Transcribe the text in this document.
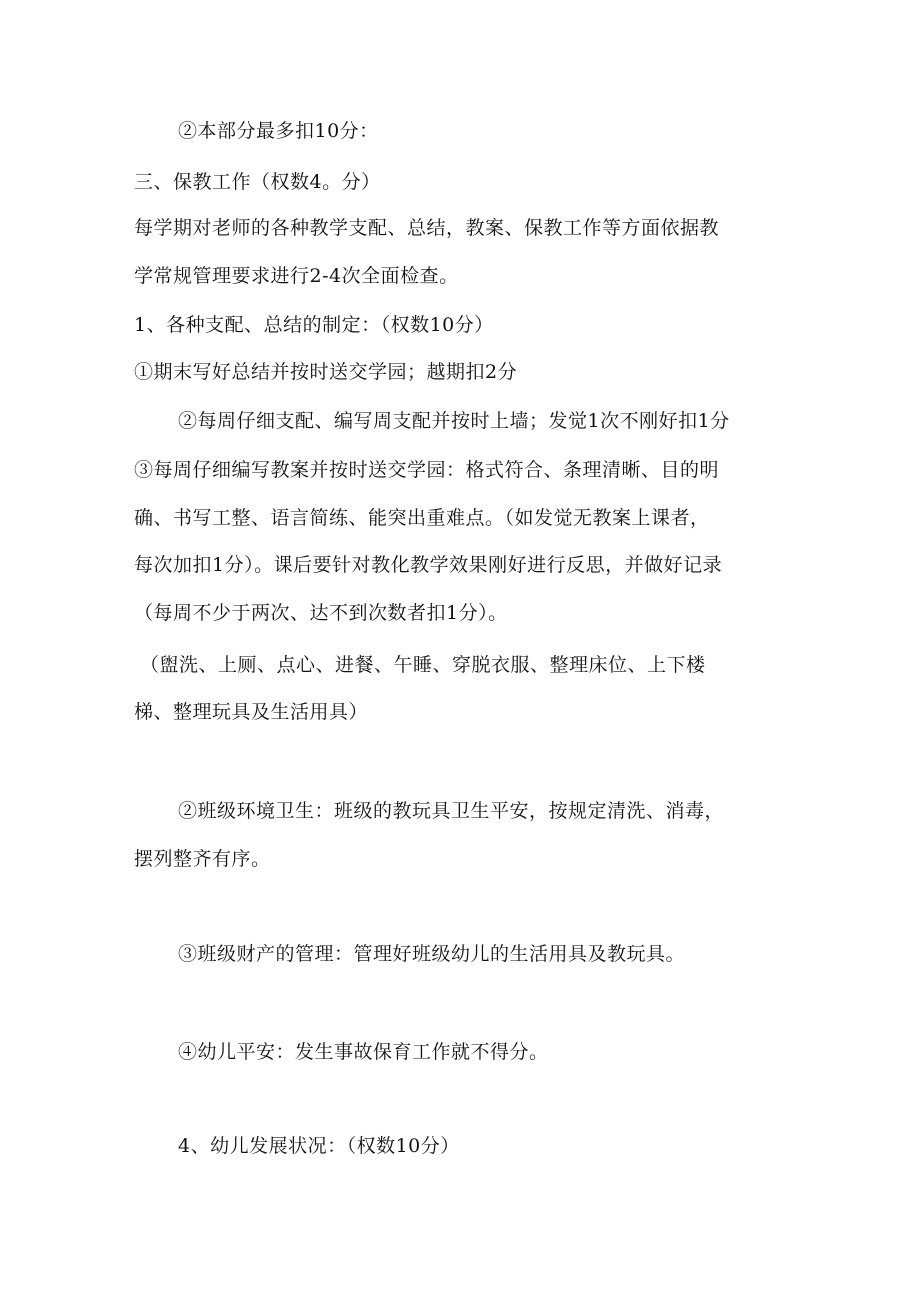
②本部分最多扣10分：
三、保教工作（权数4。分）
每学期对老师的各种教学支配、总结，教案、保教工作等方面依据教
学常规管理要求进行2-4次全面检查。
1、各种支配、总结的制定：（权数10分）
①期末写好总结并按时送交学园；越期扣2分
②每周仔细支配、编写周支配并按时上墙；发觉1次不刚好扣1分
③每周仔细编写教案并按时送交学园：格式符合、条理清晰、目的明
确、书写工整、语言简练、能突出重难点。（如发觉无教案上课者，
每次加扣1分）。课后要针对教化教学效果刚好进行反思，并做好记录
（每周不少于两次、达不到次数者扣1分）。
（盥洗、上厕、点心、进餐、午睡、穿脱衣服、整理床位、上下楼
梯、整理玩具及生活用具）
②班级环境卫生：班级的教玩具卫生平安，按规定清洗、消毒，
摆列整齐有序。
③班级财产的管理：管理好班级幼儿的生活用具及教玩具。
④幼儿平安：发生事故保育工作就不得分。
4、幼儿发展状况：（权数10分）
